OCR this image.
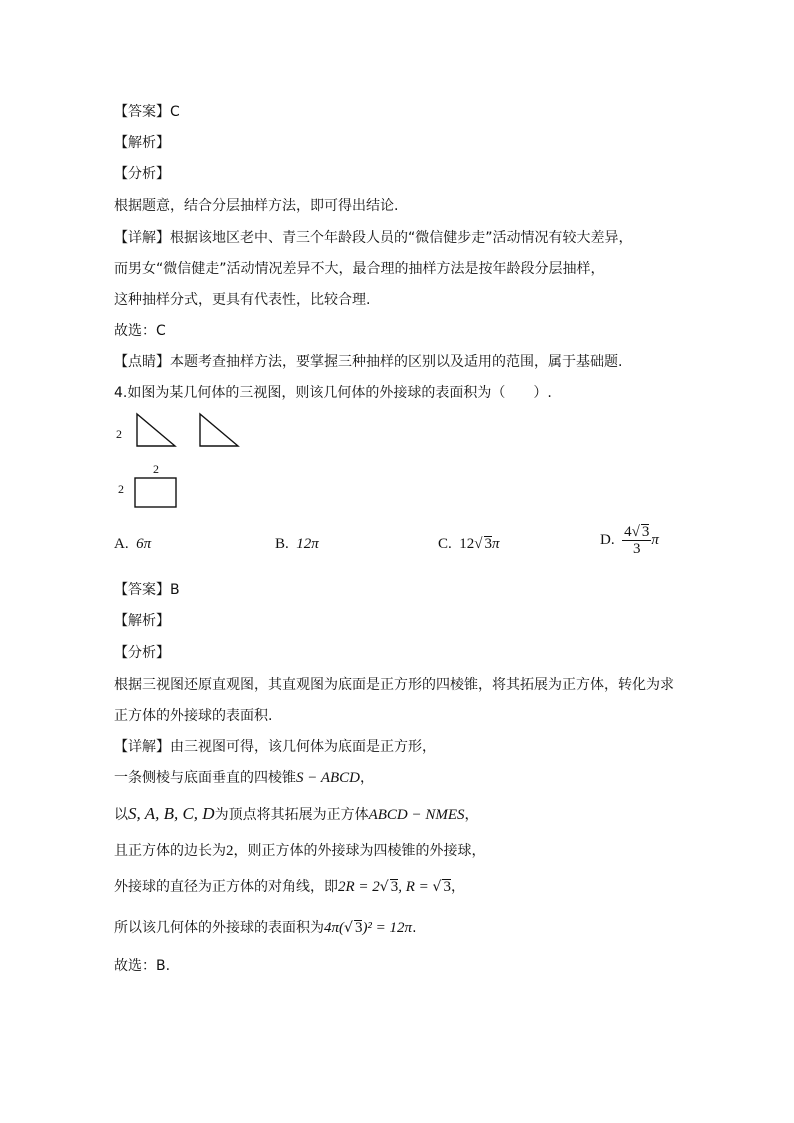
【答案】C
【解析】
【分析】
根据题意，结合分层抽样方法，即可得出结论.
【详解】根据该地区老中、青三个年龄段人员的“微信健步走”活动情况有较大差异，
而男女“微信健走”活动情况差异不大，最合理的抽样方法是按年龄段分层抽样，
这种抽样分式，更具有代表性，比较合理.
故选：C
【点睛】本题考查抽样方法，要掌握三种抽样的区别以及适用的范围，属于基础题.
4.如图为某几何体的三视图，则该几何体的外接球的表面积为（　　）.
2
2
2
A. 6π	B. 12π	C. 12√ 3π	D. $\frac{4√ 3}{3}$ π
【答案】B
【解析】
【分析】
根据三视图还原直观图，其直观图为底面是正方形的四棱锥，将其拓展为正方体，转化为求
正方体的外接球的表面积.
【详解】由三视图可得，该几何体为底面是正方形，
一条侧棱与底面垂直的四棱锥S − ABCD，
以S, A, B, C, D为顶点将其拓展为正方体ABCD − NMES，
且正方体的边长为2，则正方体的外接球为四棱锥的外接球，
外接球的直径为正方体的对角线，即2R = 2√ 3, R = √ 3，
所以该几何体的外接球的表面积为4π(√ 3)² = 12π.
故选：B.
